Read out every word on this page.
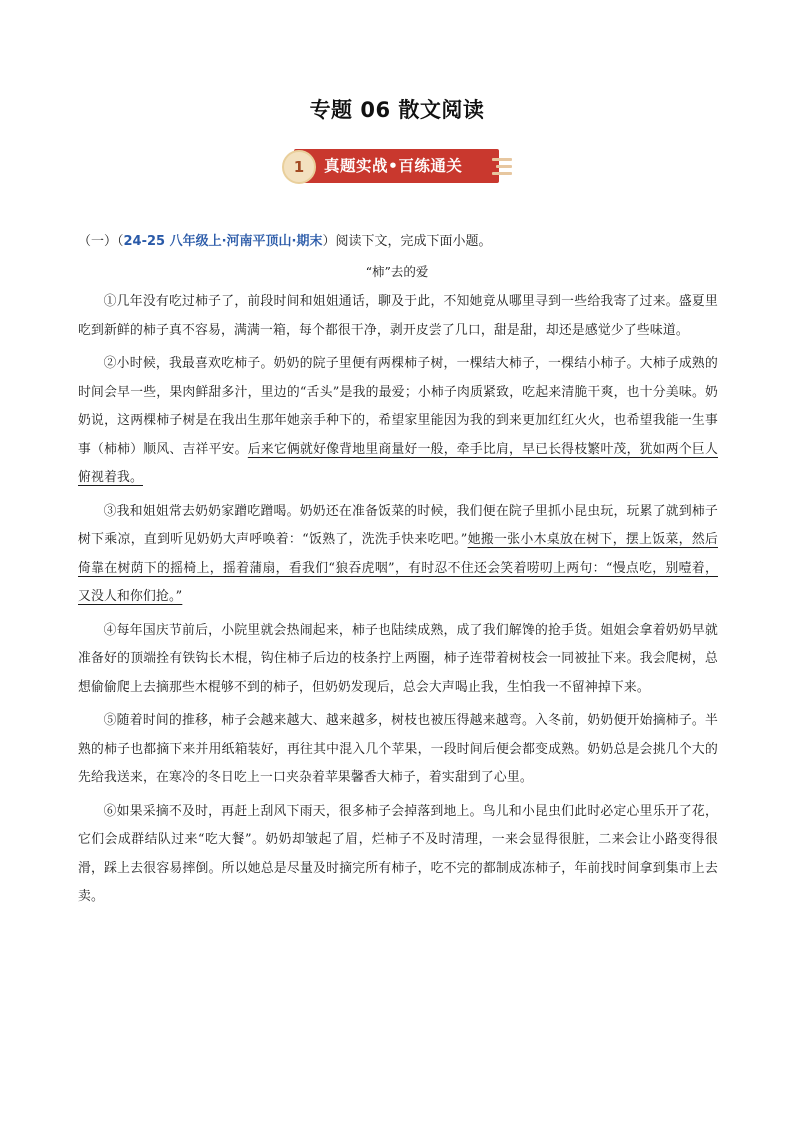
专题 06 散文阅读
1	真题实战•百练通关
（一）（24-25 八年级上·河南平顶山·期末）阅读下文，完成下面小题。
“柿”去的爱

①几年没有吃过柿子了，前段时间和姐姐通话，聊及于此，不知她竟从哪里寻到一些给我寄了过来。盛夏里吃到新鲜的柿子真不容易，满满一箱，每个都很干净，剥开皮尝了几口，甜是甜，却还是感觉少了些味道。

②小时候，我最喜欢吃柿子。奶奶的院子里便有两棵柿子树，一棵结大柿子，一棵结小柿子。大柿子成熟的时间会早一些，果肉鲜甜多汁，里边的“舌头”是我的最爱；小柿子肉质紧致，吃起来清脆干爽，也十分美味。奶奶说，这两棵柿子树是在我出生那年她亲手种下的，希望家里能因为我的到来更加红红火火，也希望我能一生事事（柿柿）顺风、吉祥平安。后来它俩就好像背地里商量好一般，牵手比肩，早已长得枝繁叶茂，犹如两个巨人俯视着我。

③我和姐姐常去奶奶家蹭吃蹭喝。奶奶还在准备饭菜的时候，我们便在院子里抓小昆虫玩，玩累了就到柿子树下乘凉，直到听见奶奶大声呼唤着：“饭熟了，洗洗手快来吃吧。”她搬一张小木桌放在树下，摆上饭菜，然后倚靠在树荫下的摇椅上，摇着蒲扇，看我们“狼吞虎咽”，有时忍不住还会笑着唠叨上两句：“慢点吃，别噎着，又没人和你们抢。”

④每年国庆节前后，小院里就会热闹起来，柿子也陆续成熟，成了我们解馋的抢手货。姐姐会拿着奶奶早就准备好的顶端拴有铁钩长木棍，钩住柿子后边的枝条拧上两圈，柿子连带着树枝会一同被扯下来。我会爬树，总想偷偷爬上去摘那些木棍够不到的柿子，但奶奶发现后，总会大声喝止我，生怕我一不留神掉下来。

⑤随着时间的推移，柿子会越来越大、越来越多，树枝也被压得越来越弯。入冬前，奶奶便开始摘柿子。半熟的柿子也都摘下来并用纸箱装好，再往其中混入几个苹果，一段时间后便会都变成熟。奶奶总是会挑几个大的先给我送来，在寒冷的冬日吃上一口夹杂着苹果馨香大柿子，着实甜到了心里。

⑥如果采摘不及时，再赶上刮风下雨天，很多柿子会掉落到地上。鸟儿和小昆虫们此时必定心里乐开了花，它们会成群结队过来“吃大餐”。奶奶却皱起了眉，烂柿子不及时清理，一来会显得很脏，二来会让小路变得很滑，踩上去很容易摔倒。所以她总是尽量及时摘完所有柿子，吃不完的都制成冻柿子，年前找时间拿到集市上去卖。
